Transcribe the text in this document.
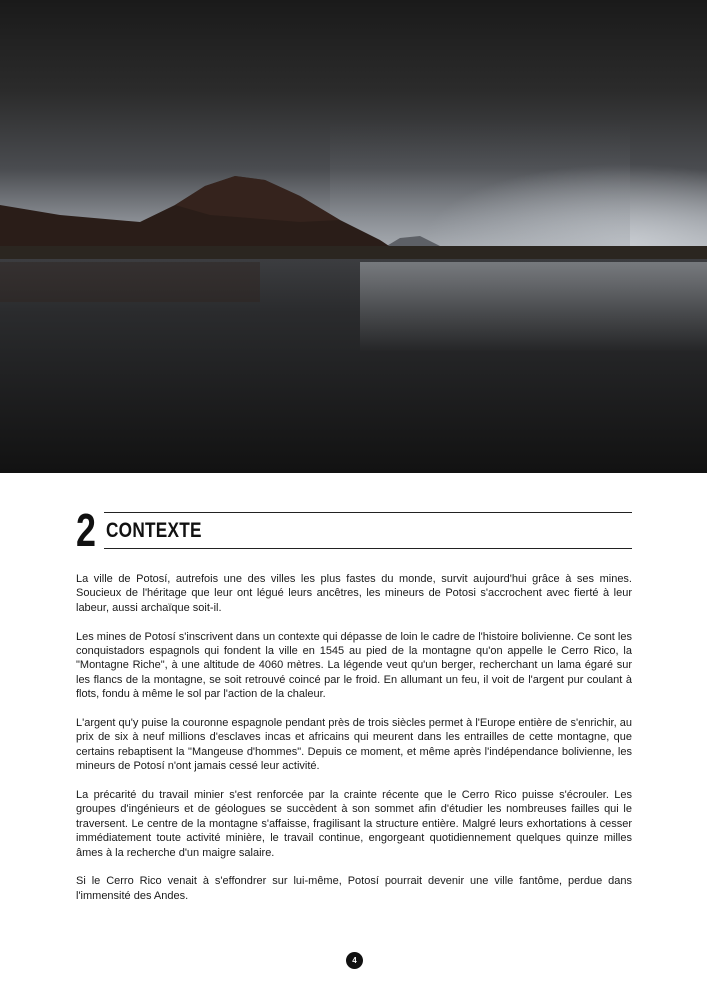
2 CONTEXTE

La ville de Potosí, autrefois une des villes les plus fastes du monde, survit aujourd'hui grâce à ses mines. Soucieux de l'héritage que leur ont légué leurs ancêtres, les mineurs de Potosi s'accrochent avec fierté à leur labeur, aussi archaïque soit-il.

Les mines de Potosí s'inscrivent dans un contexte qui dépasse de loin le cadre de l'histoire bolivienne. Ce sont les conquistadors espagnols qui fondent la ville en 1545 au pied de la montagne qu'on appelle le Cerro Rico, la "Montagne Riche", à une altitude de 4060 mètres. La légende veut qu'un berger, recherchant un lama égaré sur les flancs de la montagne, se soit retrouvé coincé par le froid. En allumant un feu, il voit de l'argent pur coulant à flots, fondu à même le sol par l'action de la chaleur.

L'argent qu'y puise la couronne espagnole pendant près de trois siècles permet à l'Europe entière de s'enrichir, au prix de six à neuf millions d'esclaves incas et africains qui meurent dans les entrailles de cette montagne, que certains rebaptisent la "Mangeuse d'hommes". Depuis ce moment, et même après l'indépendance bolivienne, les mineurs de Potosí n'ont jamais cessé leur activité.

La précarité du travail minier s'est renforcée par la crainte récente que le Cerro Rico puisse s'écrouler. Les groupes d'ingénieurs et de géologues se succèdent à son sommet afin d'étudier les nombreuses failles qui le traversent. Le centre de la montagne s'affaisse, fragilisant la structure entière. Malgré leurs exhortations à cesser immédiatement toute activité minière, le travail continue, engorgeant quotidiennement quelques quinze milles âmes à la recherche d'un maigre salaire.

Si le Cerro Rico venait à s'effondrer sur lui-même, Potosí pourrait devenir une ville fantôme, perdue dans l'immensité des Andes.

4
